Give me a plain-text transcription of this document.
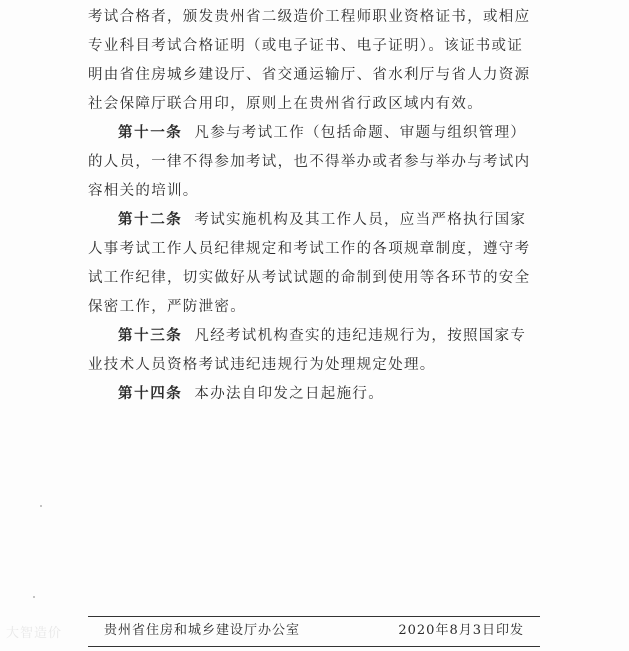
考试合格者，颁发贵州省二级造价工程师职业资格证书，或相应
专业科目考试合格证明（或电子证书、电子证明）。该证书或证
明由省住房城乡建设厅、省交通运输厅、省水利厅与省人力资源
社会保障厅联合用印，原则上在贵州省行政区域内有效。
第十一条 凡参与考试工作（包括命题、审题与组织管理）
的人员，一律不得参加考试，也不得举办或者参与举办与考试内
容相关的培训。
第十二条 考试实施机构及其工作人员，应当严格执行国家
人事考试工作人员纪律规定和考试工作的各项规章制度，遵守考
试工作纪律，切实做好从考试试题的命制到使用等各环节的安全
保密工作，严防泄密。
第十三条 凡经考试机构查实的违纪违规行为，按照国家专
业技术人员资格考试违纪违规行为处理规定处理。
第十四条 本办法自印发之日起施行。
贵州省住房和城乡建设厅办公室	2020年8月3日印发
大智造价
